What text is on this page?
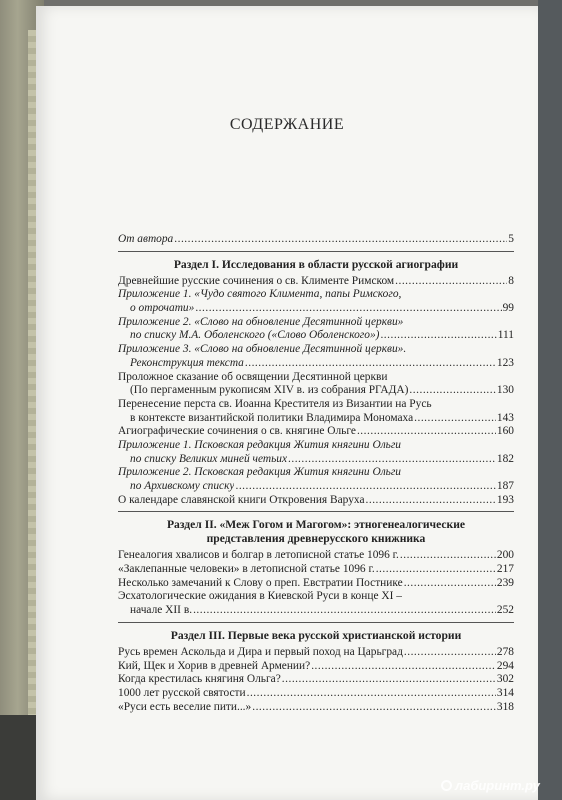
СОДЕРЖАНИЕ
От автора .....	5
Раздел I. Исследования в области русской агиографии
Древнейшие русские сочинения о св. Клименте Римском .....	8
Приложение 1. «Чудо святого Климента, папы Римского,
о отрочати» .....	99
Приложение 2. «Слово на обновление Десятинной церкви»
по списку М.А. Оболенского («Слово Оболенского») .....	111
Приложение 3. «Слово на обновление Десятинной церкви».
Реконструкция текста .....	123
Проложное сказание об освящении Десятинной церкви
(По пергаменным рукописям XIV в. из собрания РГАДА) .....	130
Перенесение перста св. Иоанна Крестителя из Византии на Русь
в контексте византийской политики Владимира Мономаха .....	143
Агиографические сочинения о св. княгине Ольге .....	160
Приложение 1. Псковская редакция Жития княгини Ольги
по списку Великих миней четьих .....	182
Приложение 2. Псковская редакция Жития княгини Ольги
по Архивскому списку .....	187
О календаре славянской книги Откровения Варуха .....	193
Раздел II. «Меж Гогом и Магогом»: этногенеалогические
представления древнерусского книжника
Генеалогия хвалисов и болгар в летописной статье 1096 г. .....	200
«Заклепанные человеки» в летописной статье 1096 г. .....	217
Несколько замечаний к Слову о преп. Евстратии Постнике .....	239
Эсхатологические ожидания в Киевской Руси в конце XI –
начале XII в. .....	252
Раздел III. Первые века русской христианской истории
Русь времен Аскольда и Дира и первый поход на Царьград .....	278
Кий, Щек и Хорив в древней Армении? .....	294
Когда крестилась княгиня Ольга? .....	302
1000 лет русской святости .....	314
«Руси есть веселие пити...» .....	318
лабиринт.ру
